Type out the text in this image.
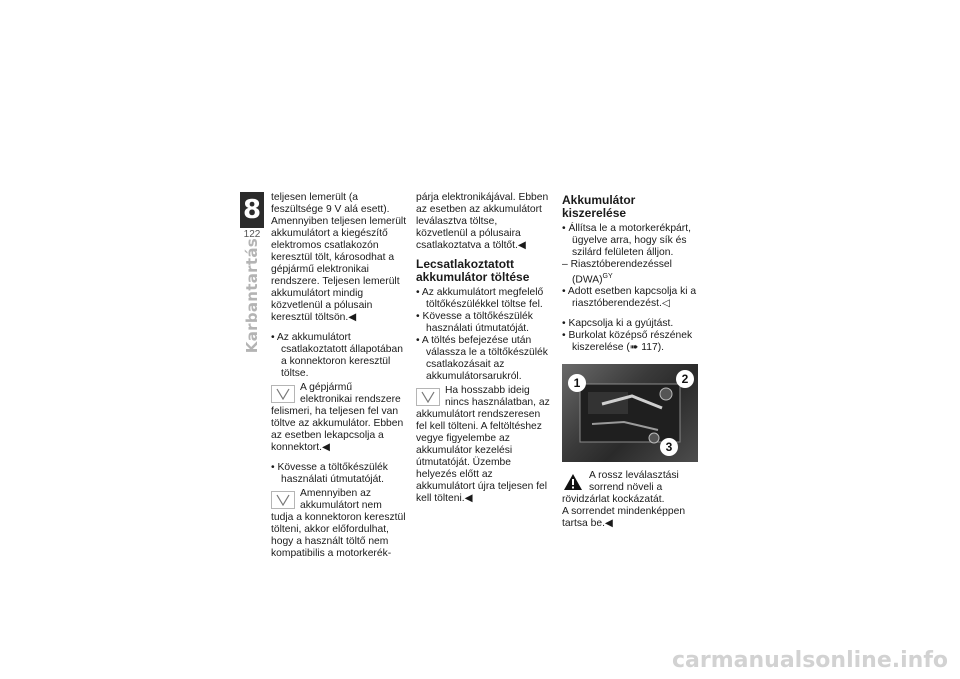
8
122
Karbantartás

teljesen lemerült (a feszültsége 9 V alá esett). Amennyiben teljesen lemerült akkumulátort a kiegészítő elektromos csatlakozón keresztül tölt, károsodhat a gépjármű elektronikai rendszere. Teljesen lemerült akkumulátort mindig közvetlenül a pólusain keresztül töltsön.◀

• Az akkumulátort csatlakoztatott állapotában a konnektoron keresztül töltse.
A gépjármű elektronikai rendszere felismeri, ha teljesen fel van töltve az akkumulátor. Ebben az esetben lekapcsolja a konnektort.◀
• Kövesse a töltőkészülék használati útmutatóját.
Amennyiben az akkumulátort nem tudja a konnektoron keresztül tölteni, akkor előfordulhat, hogy a használt töltő nem kompatibilis a motorkerék-

párja elektronikájával. Ebben az esetben az akkumulátort leválasztva töltse, közvetlenül a pólusaira csatlakoztatva a töltőt.◀

Lecsatlakoztatott akkumulátor töltése
• Az akkumulátort megfelelő töltőkészülékkel töltse fel.
• Kövesse a töltőkészülék használati útmutatóját.
• A töltés befejezése után válassza le a töltőkészülék csatlakozásait az akkumulátorsarukról.
Ha hosszabb ideig nincs használatban, az akkumulátort rendszeresen fel kell tölteni. A feltöltéshez vegye figyelembe az akkumulátor kezelési útmutatóját. Üzembe helyezés előtt az akkumulátort újra teljesen fel kell tölteni.◀
Akkumulátor kiszerelése
• Állítsa le a motorkerékpárt, ügyelve arra, hogy sík és szilárd felületen álljon.
– Riasztóberendezéssel (DWA)$^{GY}$
• Adott esetben kapcsolja ki a riasztóberendezést.◁
• Kapcsolja ki a gyújtást.
• Burkolat középső részének kiszerelése (➠ 117).
1	2
3
A rossz leválasztási sorrend növeli a rövidzárlat kockázatát.

A sorrendet mindenképpen tartsa be.◀

carmanualsonline.info
